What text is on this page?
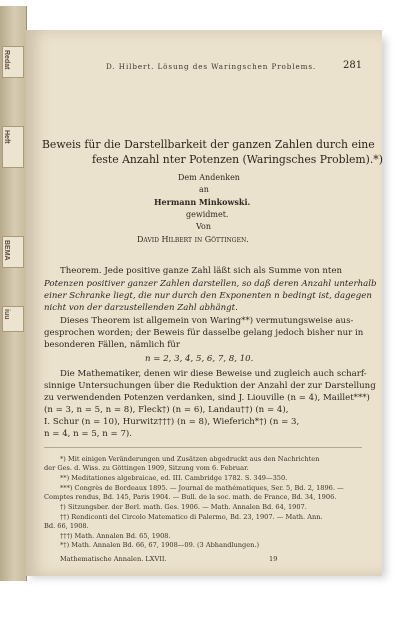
Redat
Heft
BEMA
iuu
D. Hilbert. Lösung des Waringschen Problems.	281
Beweis für die Darstellbarkeit der ganzen Zahlen durch eine
feste Anzahl nter Potenzen (Waringsches Problem).*)
Dem Andenken
an
Hermann Minkowski.
gewidmet.
Von
David Hilbert in Göttingen.
Theorem. Jede positive ganze Zahl läßt sich als Summe von nten
Potenzen positiver ganzer Zahlen darstellen, so daß deren Anzahl unterhalb
einer Schranke liegt, die nur durch den Exponenten n bedingt ist, dagegen
nicht von der darzustellenden Zahl abhängt.
Dieses Theorem ist allgemein von Waring**) vermutungsweise aus-
gesprochen worden; der Beweis für dasselbe gelang jedoch bisher nur in
besonderen Fällen, nämlich für
n = 2, 3, 4, 5, 6, 7, 8, 10.
Die Mathematiker, denen wir diese Beweise und zugleich auch scharf-
sinnige Untersuchungen über die Reduktion der Anzahl der zur Darstellung
zu verwendenden Potenzen verdanken, sind J. Liouville (n = 4), Maillet***)
(n = 3, n = 5, n = 8), Fleck†) (n = 6), Landau††) (n = 4),
I. Schur (n = 10), Hurwitz†††) (n = 8), Wieferich*†) (n = 3,
n = 4, n = 5, n = 7).
*) Mit einigen Veränderungen und Zusätzen abgedruckt aus den Nachrichten
der Ges. d. Wiss. zu Göttingen 1909, Sitzung vom 6. Februar.
**) Meditationes algebraicae, ed. III. Cambridge 1782. S. 349—350.
***) Congrès de Bordeaux 1895. — Journal de mathématiques, Ser. 5, Bd. 2, 1896. —
Comptes rendus, Bd. 145, Paris 1904. — Bull. de la soc. math. de France, Bd. 34, 1906.
†) Sitzungsber. der Berl. math. Ges. 1906. — Math. Annalen Bd. 64, 1907.
††) Rendiconti del Circolo Matematico di Palermo, Bd. 23, 1907. — Math. Ann.
Bd. 66, 1908.
†††) Math. Annalen Bd. 65, 1908.
*†) Math. Annalen Bd. 66, 67, 1908—09. (3 Abhandlungen.)
Mathematische Annalen. LXVII.	19
